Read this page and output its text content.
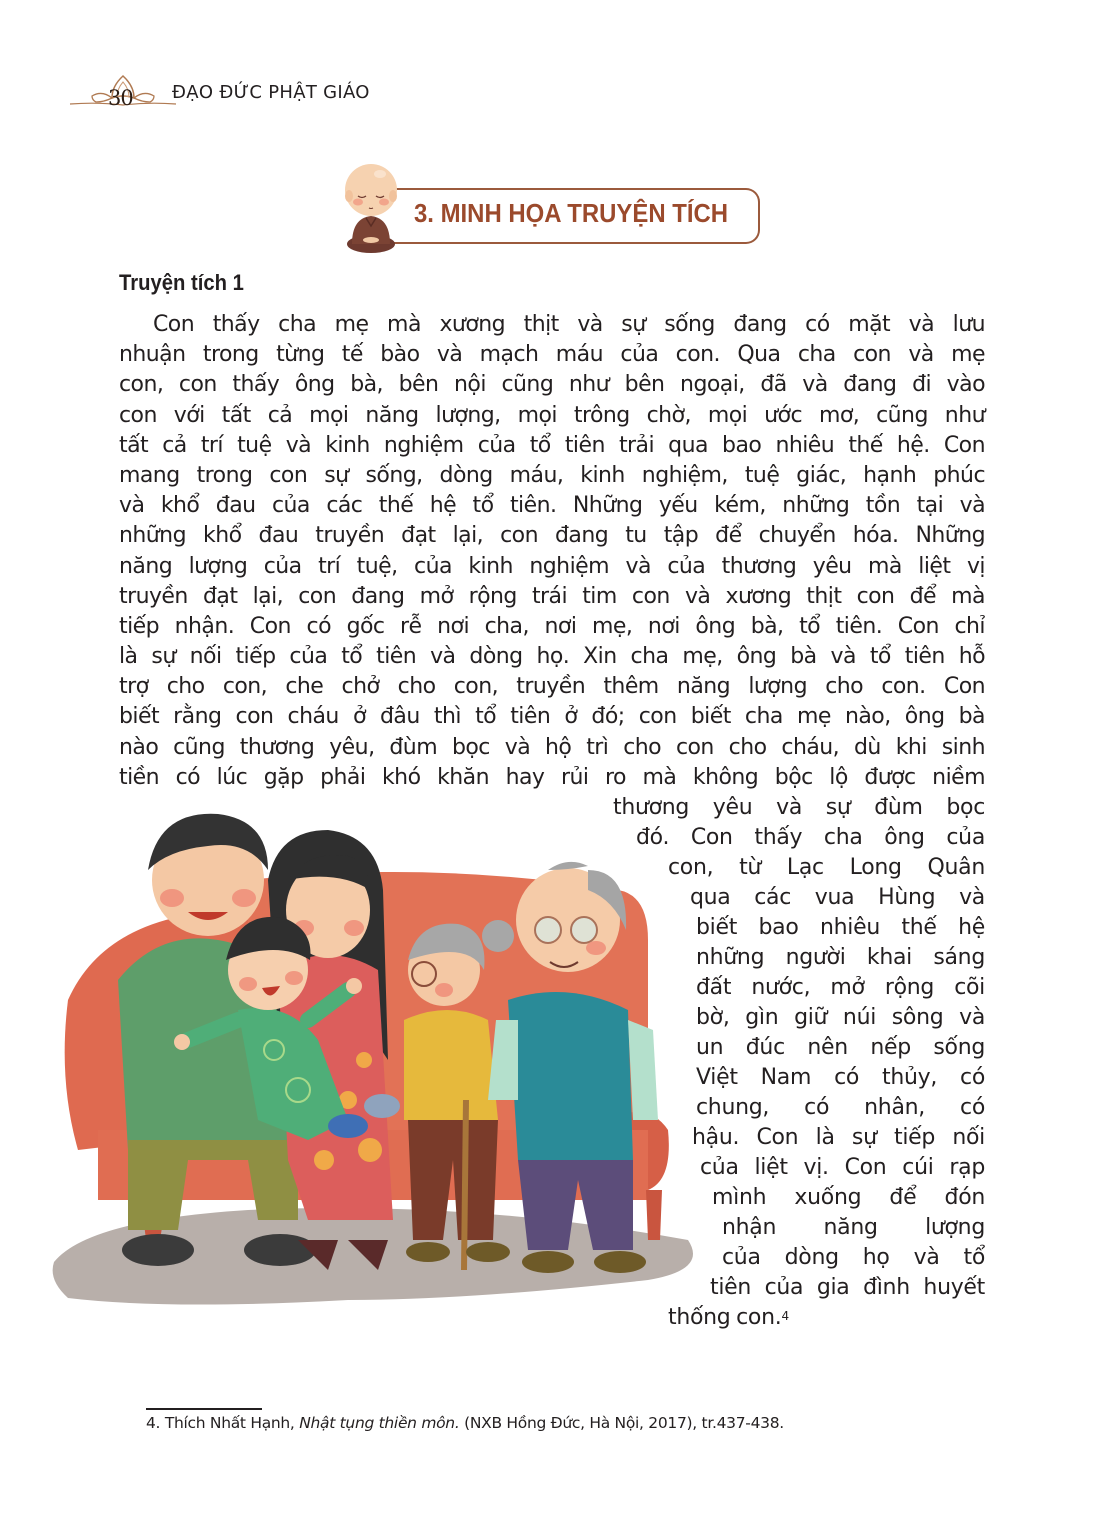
30 ĐẠO ĐỨC PHẬT GIÁO
3. MINH HỌA TRUYỆN TÍCH
Truyện tích 1
Con thấy cha mẹ mà xương thịt và sự sống đang có mặt và lưu
nhuận trong từng tế bào và mạch máu của con. Qua cha con và mẹ
con, con thấy ông bà, bên nội cũng như bên ngoại, đã và đang đi vào
con với tất cả mọi năng lượng, mọi trông chờ, mọi ước mơ, cũng như
tất cả trí tuệ và kinh nghiệm của tổ tiên trải qua bao nhiêu thế hệ. Con
mang trong con sự sống, dòng máu, kinh nghiệm, tuệ giác, hạnh phúc
và khổ đau của các thế hệ tổ tiên. Những yếu kém, những tồn tại và
những khổ đau truyền đạt lại, con đang tu tập để chuyển hóa. Những
năng lượng của trí tuệ, của kinh nghiệm và của thương yêu mà liệt vị
truyền đạt lại, con đang mở rộng trái tim con và xương thịt con để mà
tiếp nhận. Con có gốc rễ nơi cha, nơi mẹ, nơi ông bà, tổ tiên. Con chỉ
là sự nối tiếp của tổ tiên và dòng họ. Xin cha mẹ, ông bà và tổ tiên hỗ
trợ cho con, che chở cho con, truyền thêm năng lượng cho con. Con
biết rằng con cháu ở đâu thì tổ tiên ở đó; con biết cha mẹ nào, ông bà
nào cũng thương yêu, đùm bọc và hộ trì cho con cho cháu, dù khi sinh
tiền có lúc gặp phải khó khăn hay rủi ro mà không bộc lộ được niềm
thương yêu và sự đùm bọc
đó. Con thấy cha ông của
con, từ Lạc Long Quân
qua các vua Hùng và
biết bao nhiêu thế hệ
những người khai sáng
đất nước, mở rộng cõi
bờ, gìn giữ núi sông và
un đúc nên nếp sống
Việt Nam có thủy, có
chung, có nhân, có
hậu. Con là sự tiếp nối
của liệt vị. Con cúi rạp
mình xuống để đón
nhận năng lượng
của dòng họ và tổ
tiên của gia đình huyết
thống con.$^4$
4. Thích Nhất Hạnh, Nhật tụng thiền môn. (NXB Hồng Đức, Hà Nội, 2017), tr.437-438.
